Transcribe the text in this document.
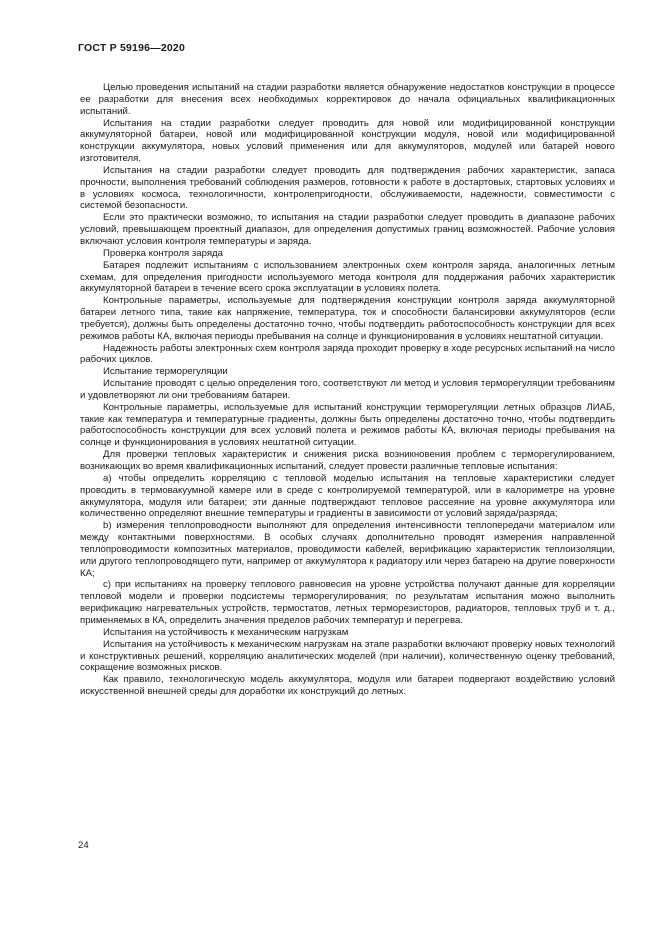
ГОСТ Р 59196—2020

Целью проведения испытаний на стадии разработки является обнаружение недостатков конструкции в процессе ее разработки для внесения всех необходимых корректировок до начала официальных квалификационных испытаний.

Испытания на стадии разработки следует проводить для новой или модифицированной конструкции аккумуляторной батареи, новой или модифицированной конструкции модуля, новой или модифицированной конструкции аккумулятора, новых условий применения или для аккумуляторов, модулей или батарей нового изготовителя.

Испытания на стадии разработки следует проводить для подтверждения рабочих характеристик, запаса прочности, выполнения требований соблюдения размеров, готовности к работе в достартовых, стартовых условиях и в условиях космоса, технологичности, контролепригодности, обслуживаемости, надежности, совместимости с системой безопасности.

Если это практически возможно, то испытания на стадии разработки следует проводить в диапазоне рабочих условий, превышающем проектный диапазон, для определения допустимых границ возможностей. Рабочие условия включают условия контроля температуры и заряда.

Проверка контроля заряда

Батарея подлежит испытаниям с использованием электронных схем контроля заряда, аналогичных летным схемам, для определения пригодности используемого метода контроля для поддержания рабочих характеристик аккумуляторной батареи в течение всего срока эксплуатации в условиях полета.

Контрольные параметры, используемые для подтверждения конструкции контроля заряда аккумуляторной батареи летного типа, такие как напряжение, температура, ток и способности балансировки аккумуляторов (если требуется), должны быть определены достаточно точно, чтобы подтвердить работоспособность конструкции для всех режимов работы КА, включая периоды пребывания на солнце и функционирования в условиях нештатной ситуации.

Надежность работы электронных схем контроля заряда проходит проверку в ходе ресурсных испытаний на число рабочих циклов.

Испытание терморегуляции

Испытание проводят с целью определения того, соответствуют ли метод и условия терморегуляции требованиям и удовлетворяют ли они требованиям батареи.

Контрольные параметры, используемые для испытаний конструкции терморегуляции летных образцов ЛИАБ, такие как температура и температурные градиенты, должны быть определены достаточно точно, чтобы подтвердить работоспособность конструкции для всех условий полета и режимов работы КА, включая периоды пребывания на солнце и функционирования в условиях нештатной ситуации.

Для проверки тепловых характеристик и снижения риска возникновения проблем с терморегулированием, возникающих во время квалификационных испытаний, следует провести различные тепловые испытания:

а) чтобы определить корреляцию с тепловой моделью испытания на тепловые характеристики следует проводить в термовакуумной камере или в среде с контролируемой температурой, или в калориметре на уровне аккумулятора, модуля или батареи; эти данные подтверждают тепловое рассеяние на уровне аккумулятора или количественно определяют внешние температуры и градиенты в зависимости от условий заряда/разряда;

b) измерения теплопроводности выполняют для определения интенсивности теплопередачи материалом или между контактными поверхностями. В особых случаях дополнительно проводят измерения направленной теплопроводимости композитных материалов, проводимости кабелей, верификацию характеристик теплоизоляции, или другого теплопроводящего пути, например от аккумулятора к радиатору или через батарею на другие поверхности КА;

c) при испытаниях на проверку теплового равновесия на уровне устройства получают данные для корреляции тепловой модели и проверки подсистемы терморегулирования; по результатам испытания можно выполнить верификацию нагревательных устройств, термостатов, летных терморезисторов, радиаторов, тепловых труб и т. д., применяемых в КА, определить значения пределов рабочих температур и перегрева.

Испытания на устойчивость к механическим нагрузкам

Испытания на устойчивость к механическим нагрузкам на этапе разработки включают проверку новых технологий и конструктивных решений, корреляцию аналитических моделей (при наличии), количественную оценку требований, сокращение возможных рисков.

Как правило, технологическую модель аккумулятора, модуля или батареи подвергают воздействию условий искусственной внешней среды для доработки их конструкций до летных.

24
